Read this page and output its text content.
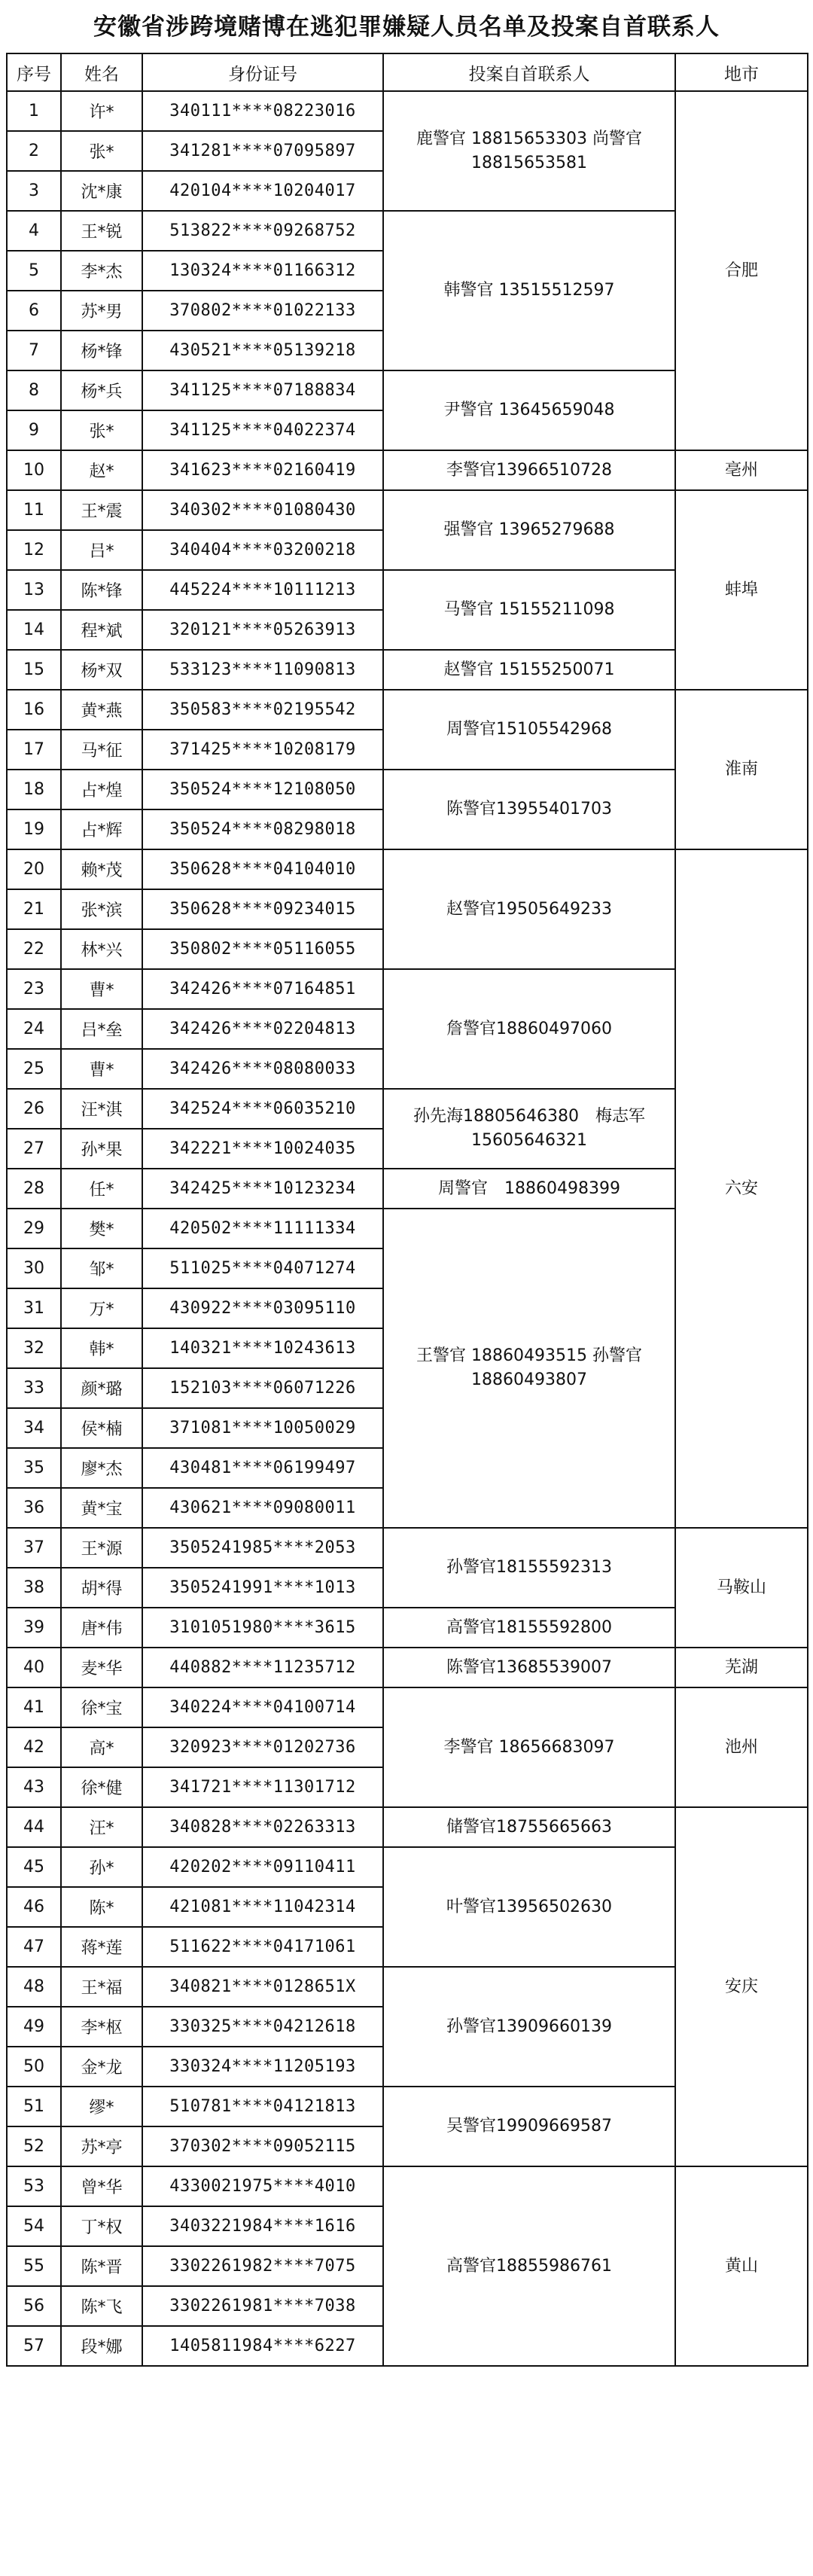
安徽省涉跨境赌博在逃犯罪嫌疑人员名单及投案自首联系人
序号	姓名	身份证号	投案自首联系人	地市
1	许*	340111****08223016	鹿警官 18815653303 尚警官 18815653581	合肥
2	张*	341281****07095897		
3	沈*康	420104****10204017		
4	王*锐	513822****09268752	韩警官 13515512597	
5	李*杰	130324****01166312		
6	苏*男	370802****01022133		
7	杨*锋	430521****05139218		
8	杨*兵	341125****07188834	尹警官 13645659048	
9	张*	341125****04022374		
10	赵*	341623****02160419	李警官13966510728	亳州
11	王*震	340302****01080430	强警官 13965279688	蚌埠
12	吕*	340404****03200218		
13	陈*锋	445224****10111213	马警官 15155211098	
14	程*斌	320121****05263913		
15	杨*双	533123****11090813	赵警官 15155250071	
16	黄*燕	350583****02195542	周警官15105542968	淮南
17	马*征	371425****10208179		
18	占*煌	350524****12108050	陈警官13955401703	
19	占*辉	350524****08298018		
20	赖*茂	350628****04104010	赵警官19505649233	六安
21	张*滨	350628****09234015		
22	林*兴	350802****05116055		
23	曹*	342426****07164851	詹警官18860497060	
24	吕*垒	342426****02204813		
25	曹*	342426****08080033		
26	汪*淇	342524****06035210	孙先海18805646380　梅志军15605646321	
27	孙*果	342221****10024035		
28	任*	342425****10123234	周警官　18860498399	
29	樊*	420502****11111334	王警官 18860493515 孙警官 18860493807	
30	邹*	511025****04071274		
31	万*	430922****03095110		
32	韩*	140321****10243613		
33	颜*璐	152103****06071226		
34	侯*楠	371081****10050029		
35	廖*杰	430481****06199497		
36	黄*宝	430621****09080011		
37	王*源	3505241985****2053	孙警官18155592313	马鞍山
38	胡*得	3505241991****1013		
39	唐*伟	3101051980****3615	高警官18155592800	
40	麦*华	440882****11235712	陈警官13685539007	芜湖
41	徐*宝	340224****04100714	李警官 18656683097	池州
42	高*	320923****01202736		
43	徐*健	341721****11301712		
44	汪*	340828****02263313	储警官18755665663	安庆
45	孙*	420202****09110411	叶警官13956502630	
46	陈*	421081****11042314		
47	蒋*莲	511622****04171061		
48	王*福	340821****0128651X	孙警官13909660139	
49	李*枢	330325****04212618		
50	金*龙	330324****11205193		
51	缪*	510781****04121813	吴警官19909669587	
52	苏*亭	370302****09052115		
53	曾*华	4330021975****4010	高警官18855986761	黄山
54	丁*权	3403221984****1616		
55	陈*晋	3302261982****7075		
56	陈*飞	3302261981****7038		
57	段*娜	1405811984****6227		
